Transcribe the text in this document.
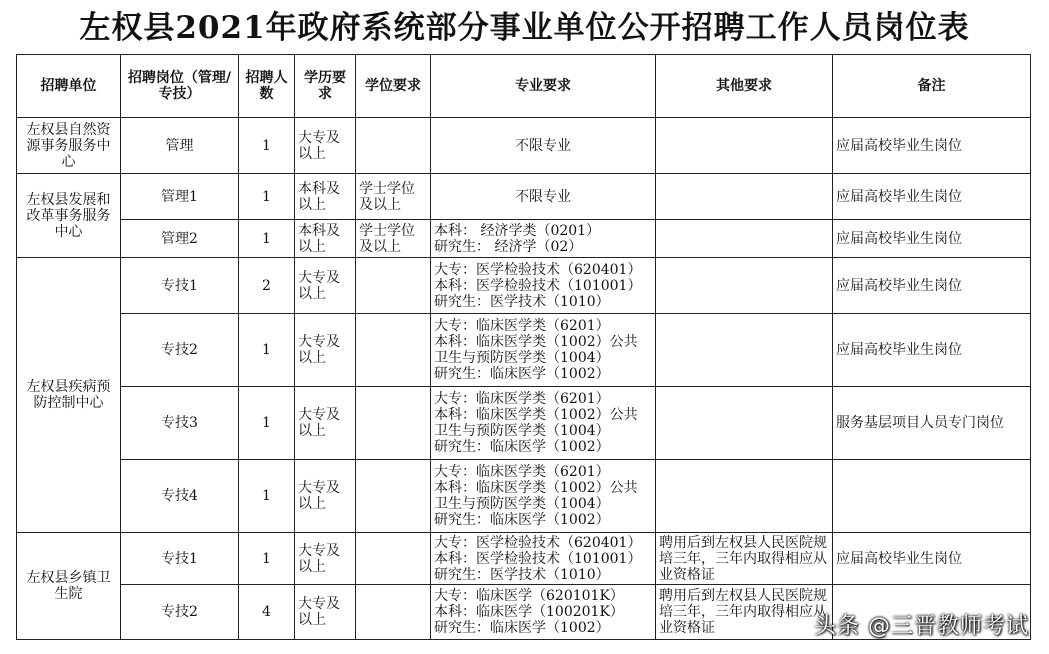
左权县2021年政府系统部分事业单位公开招聘工作人员岗位表
招聘单位	招聘岗位（管理/专技）	招聘人数	学历要求	学位要求	专业要求	其他要求	备注
左权县自然资源事务服务中心	管理	1	大专及以上		不限专业		应届高校毕业生岗位
左权县发展和改革事务服务中心	管理1	1	本科及以上	学士学位及以上	不限专业		应届高校毕业生岗位
	管理2	1	本科及以上	学士学位及以上	本科： 经济学类（0201）
研究生： 经济学（02）		应届高校毕业生岗位
左权县疾病预防控制中心	专技1	2	大专及以上		大专：医学检验技术（620401）
本科：医学检验技术（101001）
研究生：医学技术（1010）		应届高校毕业生岗位
	专技2	1	大专及以上		大专：临床医学类（6201）
本科：临床医学类（1002）公共
卫生与预防医学类（1004）
研究生：临床医学（1002）		应届高校毕业生岗位
	专技3	1	大专及以上		大专：临床医学类（6201）
本科：临床医学类（1002）公共
卫生与预防医学类（1004）
研究生：临床医学（1002）		服务基层项目人员专门岗位
	专技4	1	大专及以上		大专：临床医学类（6201）
本科：临床医学类（1002）公共
卫生与预防医学类（1004）
研究生：临床医学（1002）		

左权县乡镇卫生院	专技1	1	大专及以上		大专：医学检验技术（620401）
本科：医学检验技术（101001）
研究生：医学技术（1010）	聘用后到左权县人民医院规培三年，三年内取得相应从业资格证	应届高校毕业生岗位
	专技2	4	大专及以上		大专：临床医学（620101K）
本科：临床医学（100201K）
研究生：临床医学（1002）	聘用后到左权县人民医院规培三年，三年内取得相应从业资格证		头条 @三晋教师考试
